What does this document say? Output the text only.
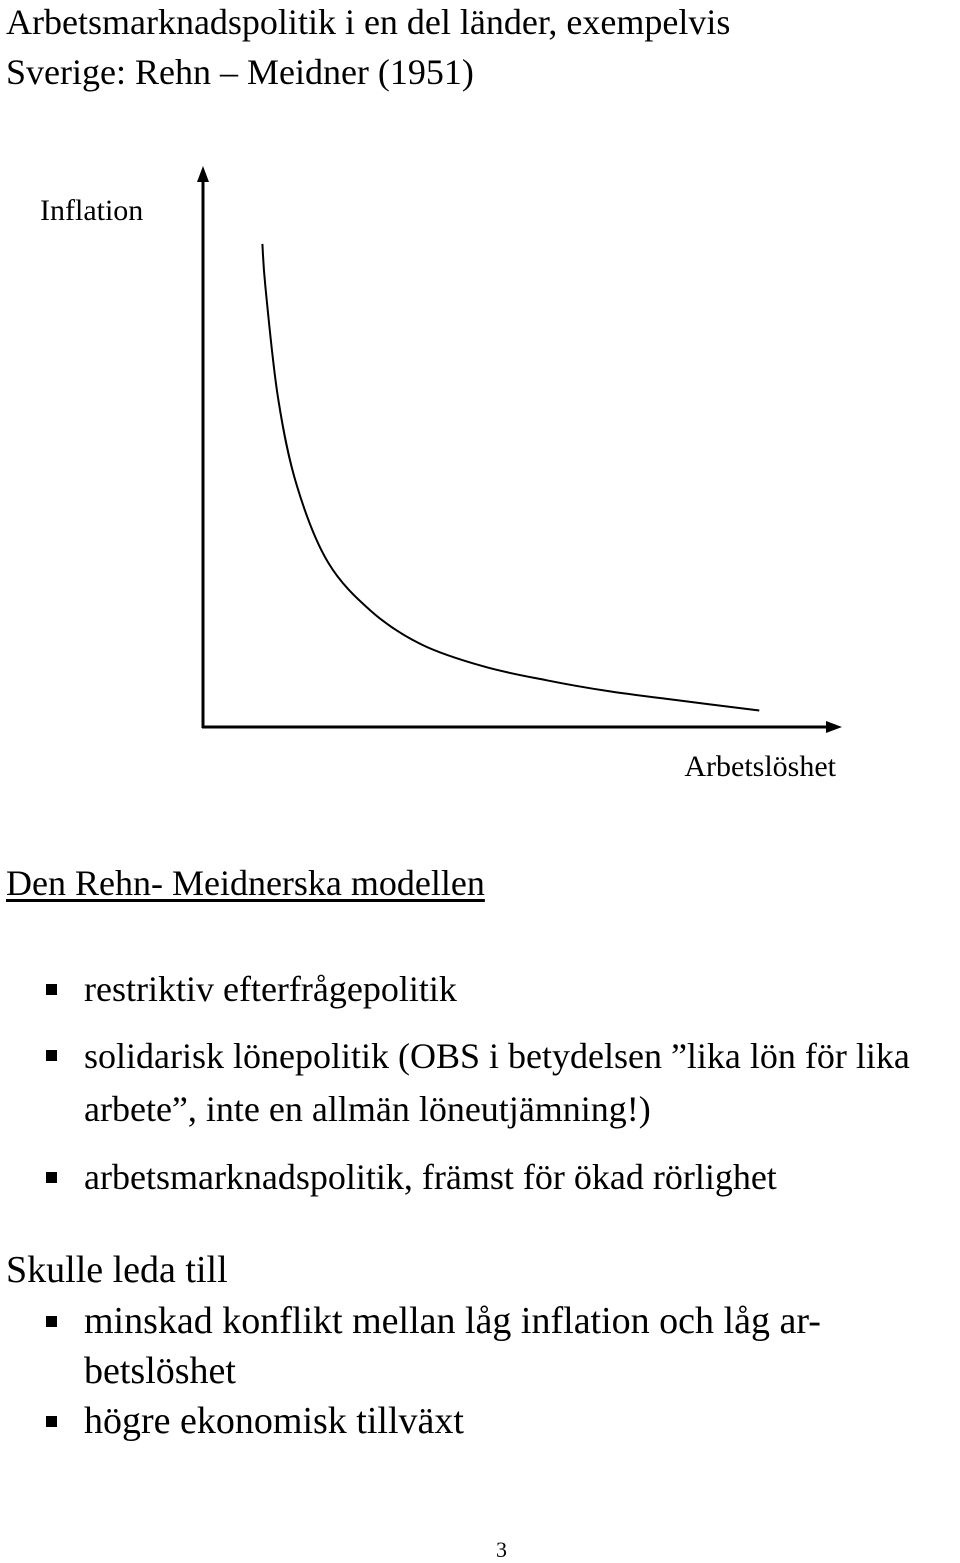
Arbetsmarknadspolitik i en del länder, exempelvis
Sverige: Rehn – Meidner (1951)
Inflation
Arbetslöshet
Den Rehn- Meidnerska modellen
restriktiv efterfrågepolitik
solidarisk lönepolitik (OBS i betydelsen ”lika lön för lika arbete”, inte en allmän löneutjämning!)
arbetsmarknadspolitik, främst för ökad rörlighet
Skulle leda till
minskad konflikt mellan låg inflation och låg ar-betslöshet
högre ekonomisk tillväxt
3
